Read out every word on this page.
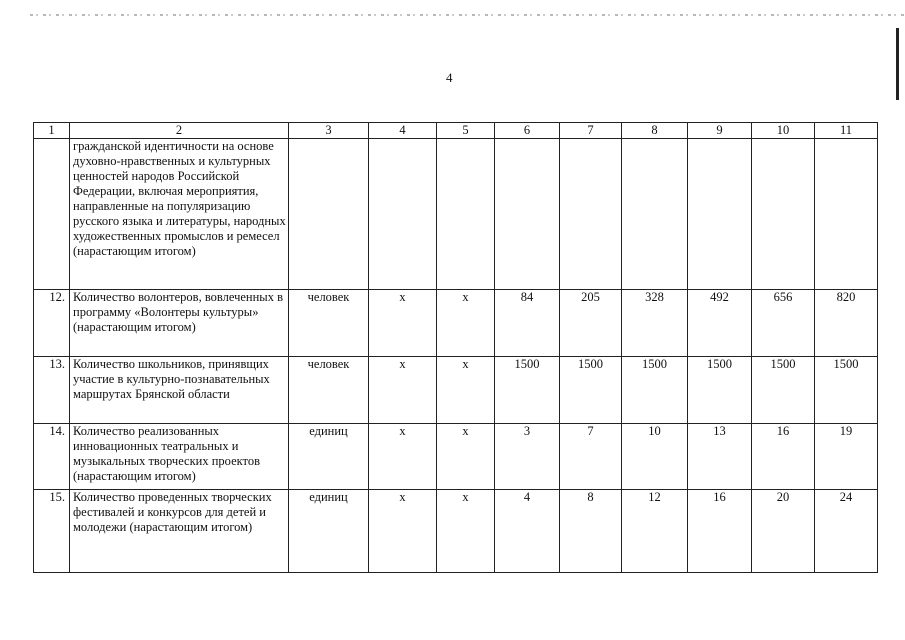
4
1	2	3	4	5	6	7	8	9	10	11
	гражданской идентичности на основе духовно-нравственных и культурных ценностей народов Российской Федерации, включая мероприятия, направленные на популяризацию русского языка и литературы, народных художественных промыслов и ремесел (нарастающим итогом)									
12.	Количество волонтеров, вовлеченных в программу «Волонтеры культуры» (нарастающим итогом)	человек	х	х	84	205	328	492	656	820
13.	Количество школьников, принявщих участие в культурно-познавательных маршрутах Брянской области	человек	х	х	1500	1500	1500	1500	1500	1500
14.	Количество реализованных инновационных театральных и музыкальных творческих проектов (нарастающим итогом)	единиц	х	х	3	7	10	13	16	19
15.	Количество проведенных творческих фестивалей и конкурсов для детей и молодежи (нарастающим итогом)	единиц	х	х	4	8	12	16	20	24
